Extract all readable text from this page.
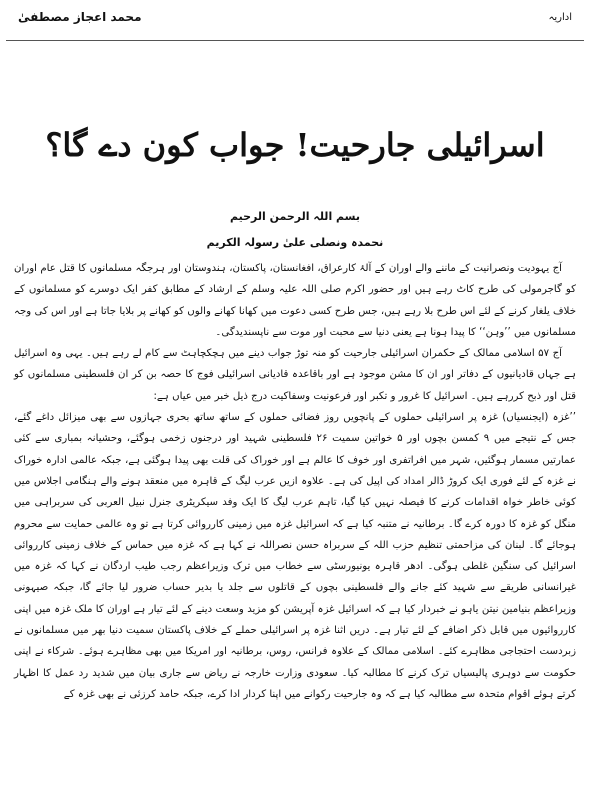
محمد اعجاز مصطفیٰ	اداریہ
اسرائیلی جارحیت! جواب کون دے گا؟
بسم اللہ الرحمن الرحیم
نحمدہ ونصلی علیٰ رسولہ الکریم

آج یہودیت ونصرانیت کے ماننے والے اوران کے آلۂ کارعراق، افغانستان، پاکستان، ہندوستان اور ہرجگہ مسلمانوں کا قتل عام اوران کو گاجرمولی کی طرح کاٹ رہے ہیں اور حضور اکرم صلی اللہ علیہ وسلم کے ارشاد کے مطابق کفر ایک دوسرے کو مسلمانوں کے خلاف یلغار کرنے کے لئے اس طرح بلا رہے ہیں، جس طرح کسی دعوت میں کھانا کھانے والوں کو کھانے پر بلایا جاتا ہے اور اس کی وجہ مسلمانوں میں ’’وہن‘‘ کا پیدا ہونا ہے یعنی دنیا سے محبت اور موت سے ناپسندیدگی۔

آج ۵۷ اسلامی ممالک کے حکمران اسرائیلی جارحیت کو منہ توڑ جواب دینے میں ہچکچاہٹ سے کام لے رہے ہیں۔ یہی وہ اسرائیل ہے جہاں قادیانیوں کے دفاتر اور ان کا مشن موجود ہے اور باقاعدہ قادیانی اسرائیلی فوج کا حصہ بن کر ان فلسطینی مسلمانوں کو قتل اور ذبح کررہے ہیں۔ اسرائیل کا غرور و تکبر اور فرعونیت وسفاکیت درج ذیل خبر میں عیاں ہے:

’’غزہ (ایجنسیاں) غزہ پر اسرائیلی حملوں کے پانچویں روز فضائی حملوں کے ساتھ ساتھ بحری جہازوں سے بھی میزائل داغے گئے، جس کے نتیجے میں ۹ کمسن بچوں اور ۵ خواتین سمیت ۲۶ فلسطینی شہید اور درجنوں زخمی ہوگئے، وحشیانہ بمباری سے کئی عمارتیں مسمار ہوگئیں، شہر میں افراتفری اور خوف کا عالم ہے اور خوراک کی قلت بھی پیدا ہوگئی ہے، جبکہ عالمی ادارہ خوراک نے غزہ کے لئے فوری ایک کروڑ ڈالر امداد کی اپیل کی ہے۔ علاوہ ازیں عرب لیگ کے قاہرہ میں منعقد ہونے والے ہنگامی اجلاس میں کوئی خاطر خواہ اقدامات کرنے کا فیصلہ نہیں کیا گیا، تاہم عرب لیگ کا ایک وفد سیکریٹری جنرل نبیل العربی کی سربراہی میں منگل کو غزہ کا دورہ کرے گا۔ برطانیہ نے متنبہ کیا ہے کہ اسرائیل غزہ میں زمینی کارروائی کرتا ہے تو وہ عالمی حمایت سے محروم ہوجائے گا۔ لبنان کی مزاحمتی تنظیم حزب اللہ کے سربراہ حسن نصراللہ نے کہا ہے کہ غزہ میں حماس کے خلاف زمینی کارروائی اسرائیل کی سنگین غلطی ہوگی۔ ادھر قاہرہ یونیورسٹی سے خطاب میں ترک وزیراعظم رجب طیب اردگان نے کہا کہ غزہ میں غیرانسانی طریقے سے شہید کئے جانے والے فلسطینی بچوں کے قاتلوں سے جلد یا بدیر حساب ضرور لیا جائے گا، جبکہ صیہونی وزیراعظم بنیامین نیتن یاہو نے خبردار کیا ہے کہ اسرائیل غزہ آپریشن کو مزید وسعت دینے کے لئے تیار ہے اوران کا ملک غزہ میں اپنی کارروائیوں میں قابل ذکر اضافے کے لئے تیار ہے۔ دریں اثنا غزہ پر اسرائیلی حملے کے خلاف پاکستان سمیت دنیا بھر میں مسلمانوں نے زبردست احتجاجی مظاہرے کئے۔ اسلامی ممالک کے علاوہ فرانس، روس، برطانیہ اور امریکا میں بھی مظاہرے ہوئے۔ شرکاء نے اپنی حکومت سے دوہری پالیسیاں ترک کرنے کا مطالبہ کیا۔ سعودی وزارت خارجہ نے ریاض سے جاری بیان میں شدید رد عمل کا اظہار کرتے ہوئے اقوام متحدہ سے مطالبہ کیا ہے کہ وہ جارحیت رکوانے میں اپنا کردار ادا کرے، جبکہ حامد کرزئی نے بھی غزہ کے
